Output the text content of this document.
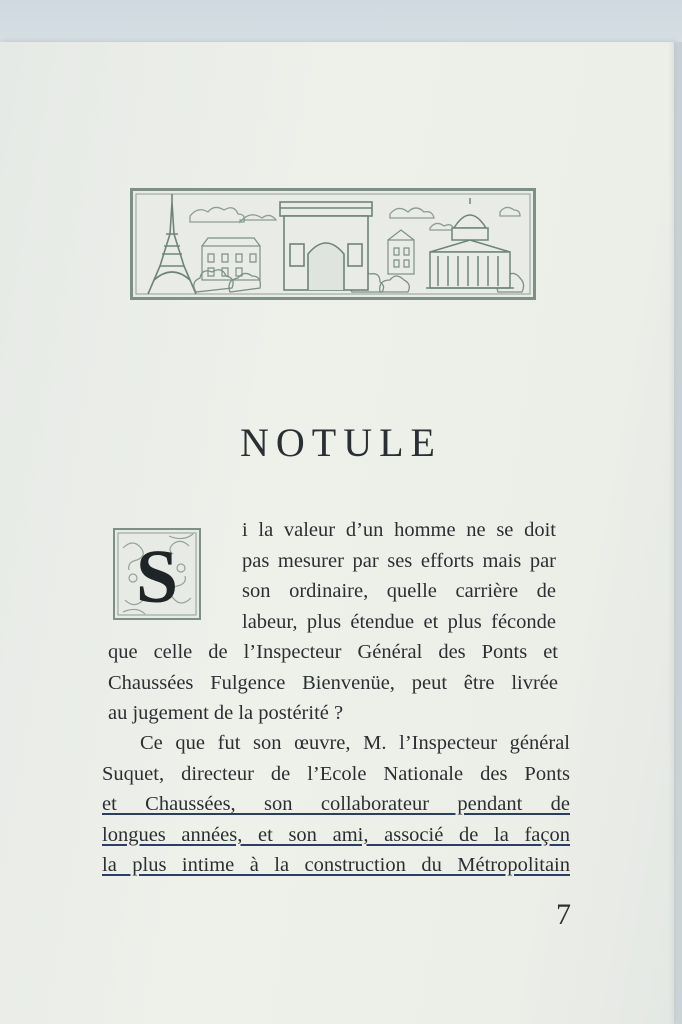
NOTULE
S
i la valeur d’un homme ne se doit
pas mesurer par ses efforts mais par
son ordinaire, quelle carrière de
labeur, plus étendue et plus féconde
que celle de l’Inspecteur Général des Ponts et
Chaussées Fulgence Bienvenüe, peut être livrée
au jugement de la postérité ?
Ce que fut son œuvre, M. l’Inspecteur général
Suquet, directeur de l’Ecole Nationale des Ponts
et Chaussées, son collaborateur pendant de
longues années, et son ami, associé de la façon
la plus intime à la construction du Métropolitain
7
